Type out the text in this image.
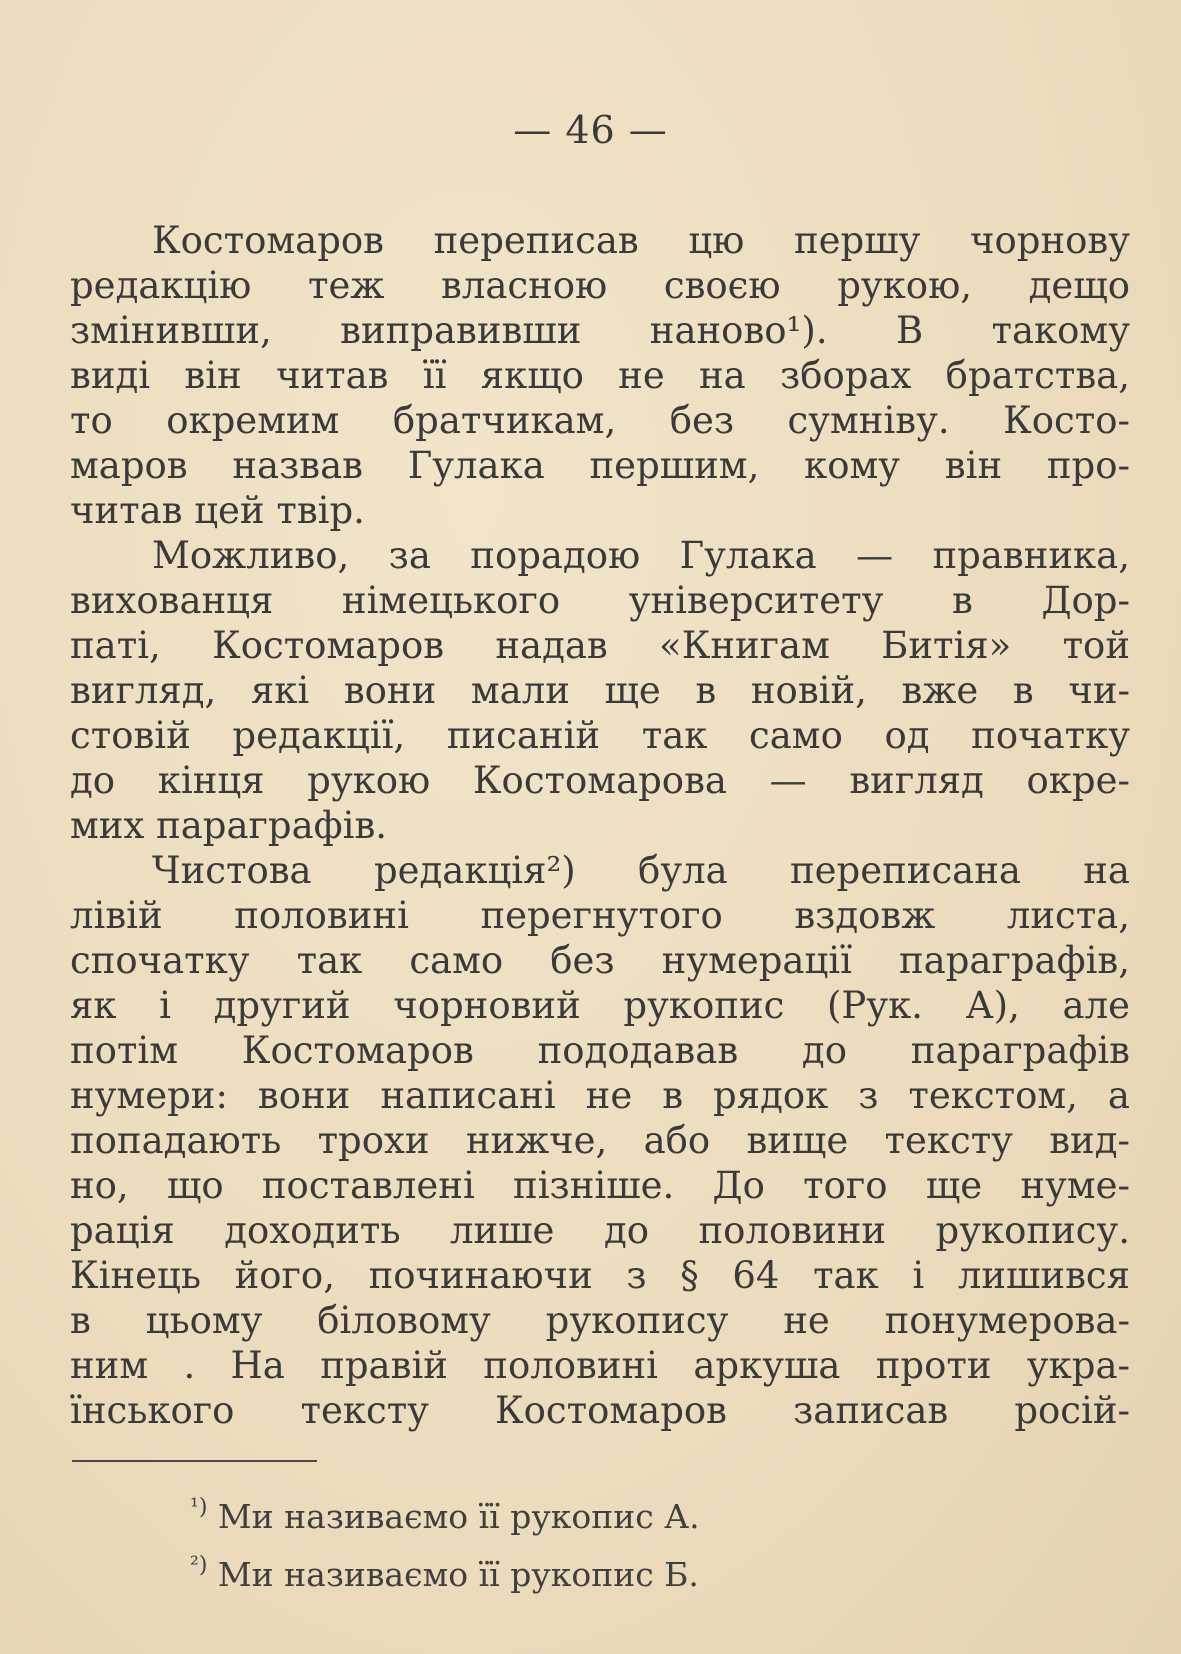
— 46 —
Костомаров переписав цю першу чорнову
редакцію теж власною своєю рукою, дещо
змінивши, виправивши наново¹). В такому
виді він читав її якщо не на зборах братства,
то окремим братчикам, без сумніву. Косто-
маров назвав Гулака першим, кому він про-
читав цей твір.
Можливо, за порадою Гулака — правника,
вихованця німецького університету в Дор-
паті, Костомаров надав «Книгам Битія» той
вигляд, які вони мали ще в новій, вже в чи-
стовій редакції, писаній так само од початку
до кінця рукою Костомарова — вигляд окре-
мих параграфів.
Чистова редакція²) була переписана на
лівій половині перегнутого вздовж листа,
спочатку так само без нумерації параграфів,
як і другий чорновий рукопис (Рук. А), але
потім Костомаров пододавав до параграфів
нумери: вони написані не в рядок з текстом, а
попадають трохи нижче, або вище тексту вид-
но, що поставлені пізніше. До того ще нуме-
рація доходить лише до половини рукопису.
Кінець його, починаючи з § 64 так і лишився
в цьому біловому рукопису не понумерова-
ним . На правій половині аркуша проти укра-
їнського тексту Костомаров записав росій-
$^{^1)}$ Ми називаємо її рукопис А.
$^{^2)}$ Ми називаємо її рукопис Б.
